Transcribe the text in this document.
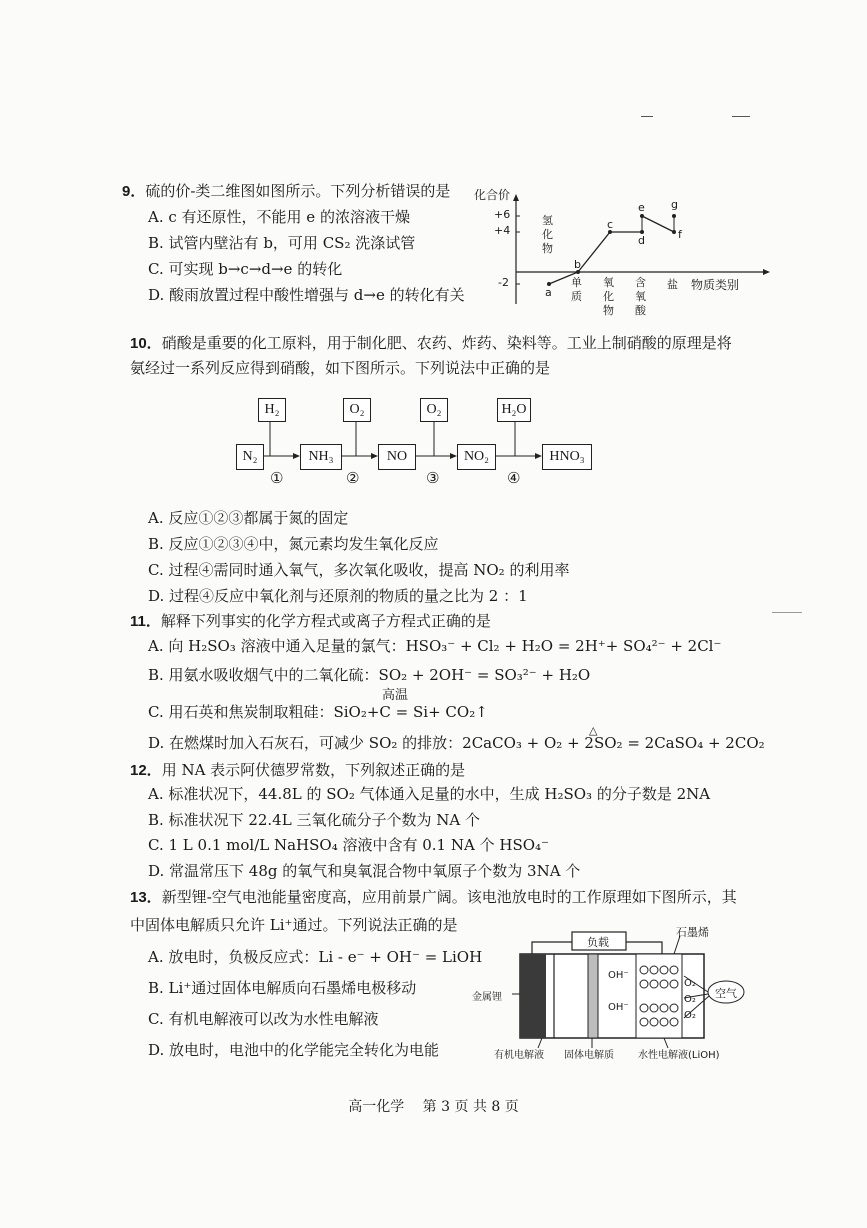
9．硫的价-类二维图如图所示。下列分析错误的是
A. c 有还原性，不能用 e 的浓溶液干燥
B. 试管内壁沾有 b，可用 CS₂ 洗涤试管
C. 可实现 b→c→d→e 的转化
D. 酸雨放置过程中酸性增强与 d→e 的转化有关
化合价
+6
+4
-2
a
b
c
d
e g
f
氢化物
单质
氧化物
含氧酸
盐 物质类别
10．硝酸是重要的化工原料，用于制化肥、农药、炸药、染料等。工业上制硝酸的原理是将
氨经过一系列反应得到硝酸，如下图所示。下列说法中正确的是
H₂	O₂	O₂	H₂O
N₂	NH₃	NO	NO₂	HNO₃
①	②	③	④
A. 反应①②③都属于氮的固定
B. 反应①②③④中，氮元素均发生氧化反应
C. 过程④需同时通入氧气，多次氧化吸收，提高 NO₂ 的利用率
D. 过程④反应中氧化剂与还原剂的物质的量之比为 2 ：1
11．解释下列事实的化学方程式或离子方程式正确的是
A. 向 H₂SO₃ 溶液中通入足量的氯气：HSO₃⁻ + Cl₂ + H₂O = 2H⁺+ SO₄²⁻ + 2Cl⁻
B. 用氨水吸收烟气中的二氧化硫：SO₂ + 2OH⁻ = SO₃²⁻ + H₂O
高温
C. 用石英和焦炭制取粗硅：SiO₂+C = Si+ CO₂↑
△
D. 在燃煤时加入石灰石，可减少 SO₂ 的排放：2CaCO₃ + O₂ + 2SO₂ = 2CaSO₄ + 2CO₂
12．用 NA 表示阿伏德罗常数，下列叙述正确的是
A. 标准状况下，44.8L 的 SO₂ 气体通入足量的水中，生成 H₂SO₃ 的分子数是 2NA
B. 标准状况下 22.4L 三氧化硫分子个数为 NA 个
C. 1 L 0.1 mol/L NaHSO₄ 溶液中含有 0.1 NA 个 HSO₄⁻
D. 常温常压下 48g 的氧气和臭氧混合物中氧原子个数为 3NA 个
13．新型锂-空气电池能量密度高，应用前景广阔。该电池放电时的工作原理如下图所示，其
中固体电解质只允许 Li⁺通过。下列说法正确的是
A. 放电时，负极反应式：Li - e⁻ + OH⁻ = LiOH
B. Li⁺通过固体电解质向石墨烯电极移动
C. 有机电解液可以改为水性电解液
D. 放电时，电池中的化学能完全转化为电能
负载
石墨烯
金属锂	空气
OH⁻
OH⁻
O₂
O₂
O₂
有机电解液 固体电解质 水性电解液(LiOH)
高一化学　 第 3 页 共 8 页
